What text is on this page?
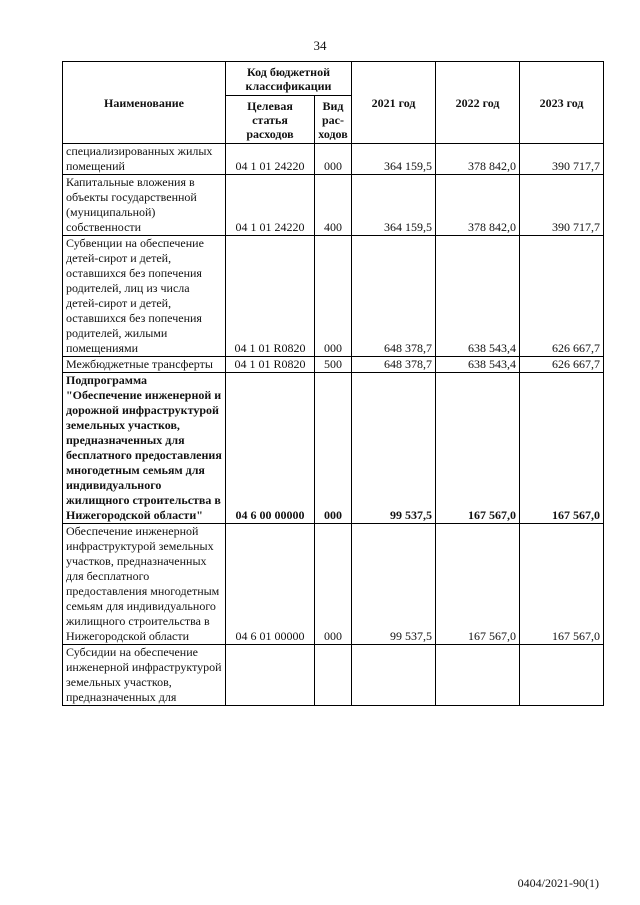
34
Наименование	Код бюджетной классификации		2021 год	2022 год	2023 год
	Целевая статья расходов	Вид рас-ходов			
специализированных жилых помещений	04 1 01 24220	000	364 159,5	378 842,0	390 717,7
Капитальные вложения в объекты государственной (муниципальной) собственности	04 1 01 24220	400	364 159,5	378 842,0	390 717,7
Субвенции на обеспечение детей-сирот и детей, оставшихся без попечения родителей, лиц из числа детей-сирот и детей, оставшихся без попечения родителей, жилыми помещениями	04 1 01 R0820	000	648 378,7	638 543,4	626 667,7
Межбюджетные трансферты	04 1 01 R0820	500	648 378,7	638 543,4	626 667,7
Подпрограмма "Обеспечение инженерной и дорожной инфраструктурой земельных участков, предназначенных для бесплатного предоставления многодетным семьям для индивидуального жилищного строительства в Нижегородской области"	04 6 00 00000	000	99 537,5	167 567,0	167 567,0
Обеспечение инженерной инфраструктурой земельных участков, предназначенных для бесплатного предоставления многодетным семьям для индивидуального жилищного строительства в Нижегородской области	04 6 01 00000	000	99 537,5	167 567,0	167 567,0
Субсидии на обеспечение инженерной инфраструктурой земельных участков, предназначенных для					
0404/2021-90(1)
